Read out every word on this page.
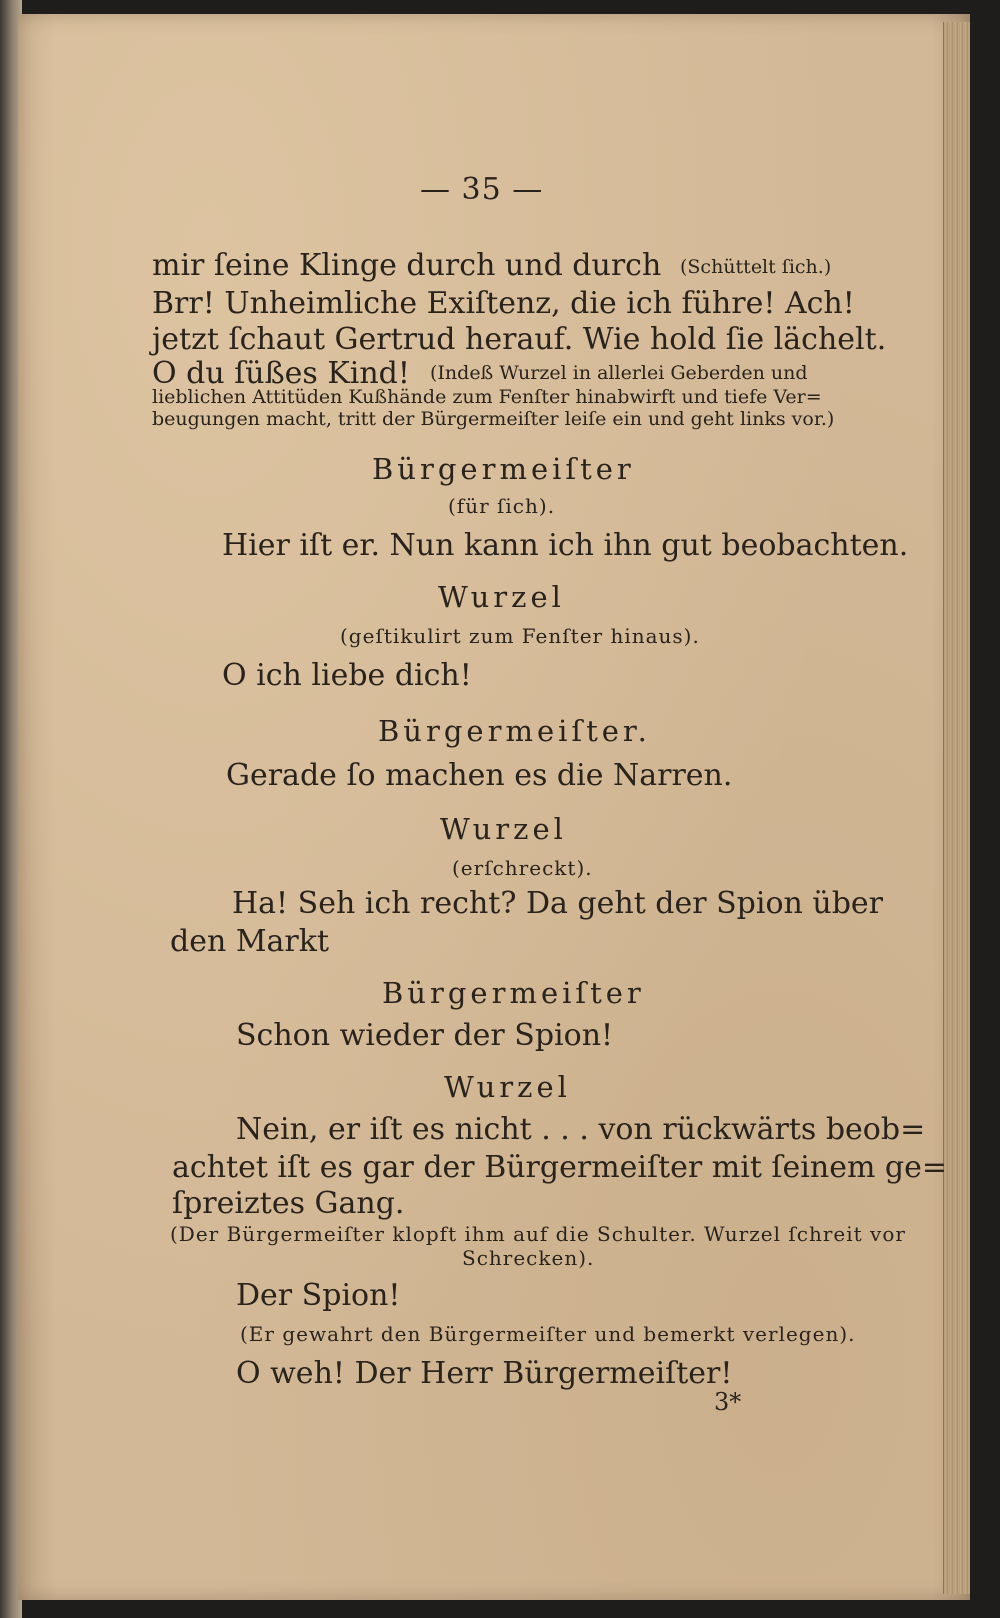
— 35 —
mir ſeine Klinge durch und durch (Schüttelt ſich.)
Brr! Unheimliche Exiſtenz, die ich führe! Ach!
jetzt ſchaut Gertrud herauf. Wie hold ſie lächelt.
O du ſüßes Kind! (Indeß Wurzel in allerlei Geberden und
lieblichen Attitüden Kußhände zum Fenſter hinabwirft und tiefe Ver=
beugungen macht, tritt der Bürgermeiſter leiſe ein und geht links vor.)
Bürgermeiſter
(für ſich).
Hier iſt er. Nun kann ich ihn gut beobachten.
Wurzel
(geſtikulirt zum Fenſter hinaus).
O ich liebe dich!
Bürgermeiſter.
Gerade ſo machen es die Narren.
Wurzel
(erſchreckt).
Ha! Seh ich recht? Da geht der Spion über
den Markt
Bürgermeiſter
Schon wieder der Spion!
Wurzel
Nein, er iſt es nicht . . . von rückwärts beob=
achtet iſt es gar der Bürgermeiſter mit ſeinem ge=
ſpreiztes Gang.
(Der Bürgermeiſter klopft ihm auf die Schulter. Wurzel ſchreit vor
Schrecken).
Der Spion!
(Er gewahrt den Bürgermeiſter und bemerkt verlegen).
O weh! Der Herr Bürgermeiſter!
3*
